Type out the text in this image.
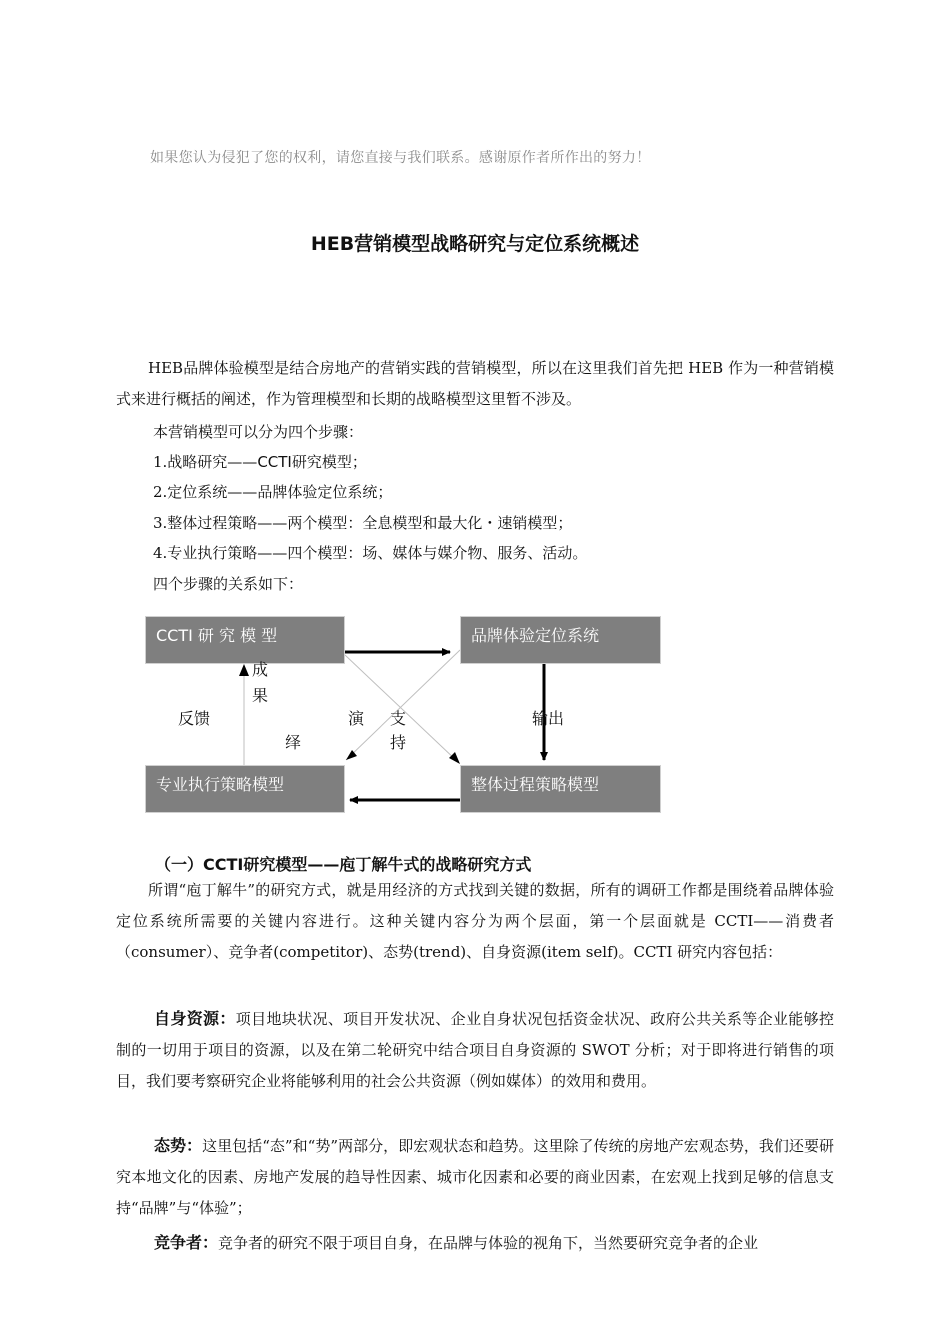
如果您认为侵犯了您的权利，请您直接与我们联系。感谢原作者所作出的努力！
HEB营销模型战略研究与定位系统概述
HEB品牌体验模型是结合房地产的营销实践的营销模型，所以在这里我们首先把 HEB 作为一种营销模式来进行概括的阐述，作为管理模型和长期的战略模型这里暂不涉及。
本营销模型可以分为四个步骤：
1.战略研究——CCTI研究模型；
2.定位系统——品牌体验定位系统；
3.整体过程策略——两个模型：全息模型和最大化・速销模型；
4.专业执行策略——四个模型：场、媒体与媒介物、服务、活动。
四个步骤的关系如下：
CCTI 研 究 模 型	品牌体验定位系统
专业执行策略模型	整体过程策略模型
反馈
成果
演
绎
支
持
输出
（一）CCTI研究模型——庖丁解牛式的战略研究方式
所谓“庖丁解牛”的研究方式，就是用经济的方式找到关键的数据，所有的调研工作都是围绕着品牌体验定位系统所需要的关键内容进行。这种关键内容分为两个层面，第一个层面就是 CCTI——消费者（consumer）、竞争者(competitor)、态势(trend)、自身资源(item self)。CCTI 研究内容包括：
自身资源：项目地块状况、项目开发状况、企业自身状况包括资金状况、政府公共关系等企业能够控制的一切用于项目的资源，以及在第二轮研究中结合项目自身资源的 SWOT 分析；对于即将进行销售的项目，我们要考察研究企业将能够利用的社会公共资源（例如媒体）的效用和费用。
态势：这里包括“态”和“势”两部分，即宏观状态和趋势。这里除了传统的房地产宏观态势，我们还要研究本地文化的因素、房地产发展的趋导性因素、城市化因素和必要的商业因素，在宏观上找到足够的信息支持“品牌”与“体验”；
竞争者：竞争者的研究不限于项目自身，在品牌与体验的视角下，当然要研究竞争者的企业
